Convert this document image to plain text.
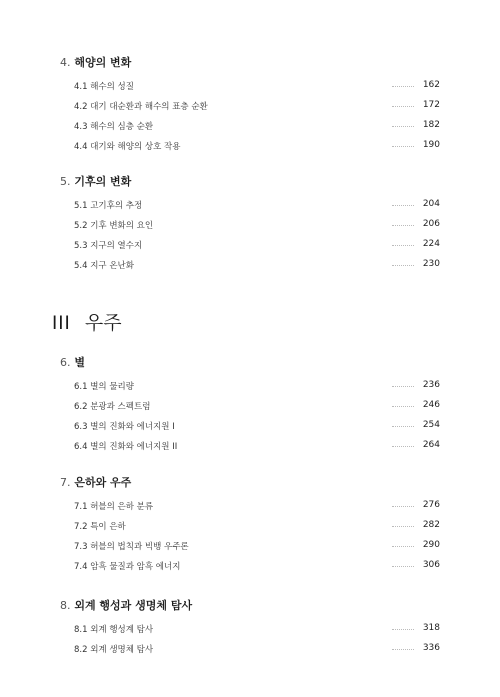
4. 해양의 변화
4.1 해수의 성질	162
4.2 대기 대순환과 해수의 표층 순환	172
4.3 해수의 심층 순환	182
4.4 대기와 해양의 상호 작용	190
5. 기후의 변화
5.1 고기후의 추정	204
5.2 기후 변화의 요인	206
5.3 지구의 열수지	224
5.4 지구 온난화	230
III 우주
6. 별
6.1 별의 물리량	236
6.2 분광과 스펙트럼	246
6.3 별의 진화와 에너지원 I	254
6.4 별의 진화와 에너지원 II	264
7. 은하와 우주
7.1 허블의 은하 분류	276
7.2 특이 은하	282
7.3 허블의 법칙과 빅뱅 우주론	290
7.4 암흑 물질과 암흑 에너지	306
8. 외계 행성과 생명체 탐사
8.1 외계 행성계 탐사	318
8.2 외계 생명체 탐사	336
